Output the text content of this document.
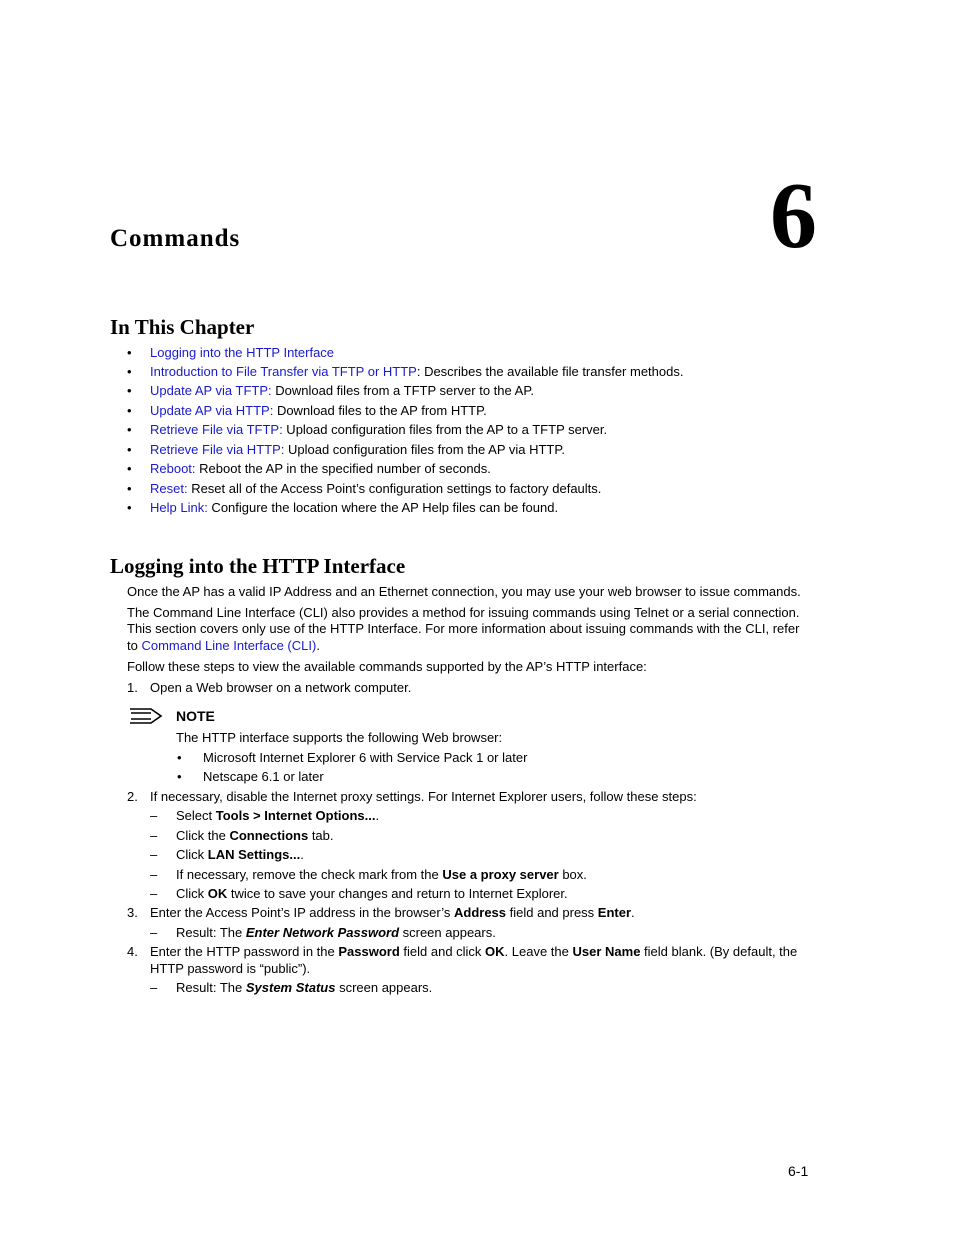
Commands	6
In This Chapter
• Logging into the HTTP Interface
• Introduction to File Transfer via TFTP or HTTP: Describes the available file transfer methods.
• Update AP via TFTP: Download files from a TFTP server to the AP.
• Update AP via HTTP: Download files to the AP from HTTP.
• Retrieve File via TFTP: Upload configuration files from the AP to a TFTP server.
• Retrieve File via HTTP: Upload configuration files from the AP via HTTP.
• Reboot: Reboot the AP in the specified number of seconds.
• Reset: Reset all of the Access Point’s configuration settings to factory defaults.
• Help Link: Configure the location where the AP Help files can be found.
Logging into the HTTP Interface
Once the AP has a valid IP Address and an Ethernet connection, you may use your web browser to issue commands.
The Command Line Interface (CLI) also provides a method for issuing commands using Telnet or a serial connection.
This section covers only use of the HTTP Interface. For more information about issuing commands with the CLI, refer
to Command Line Interface (CLI).
Follow these steps to view the available commands supported by the AP’s HTTP interface:
1. Open a Web browser on a network computer.
NOTE
The HTTP interface supports the following Web browser:
• Microsoft Internet Explorer 6 with Service Pack 1 or later
• Netscape 6.1 or later
2. If necessary, disable the Internet proxy settings. For Internet Explorer users, follow these steps:
– Select Tools > Internet Options....
– Click the Connections tab.
– Click LAN Settings....
– If necessary, remove the check mark from the Use a proxy server box.
– Click OK twice to save your changes and return to Internet Explorer.
3. Enter the Access Point’s IP address in the browser’s Address field and press Enter.
– Result: The Enter Network Password screen appears.
4. Enter the HTTP password in the Password field and click OK. Leave the User Name field blank. (By default, the
HTTP password is “public”).
– Result: The System Status screen appears.
6-1
